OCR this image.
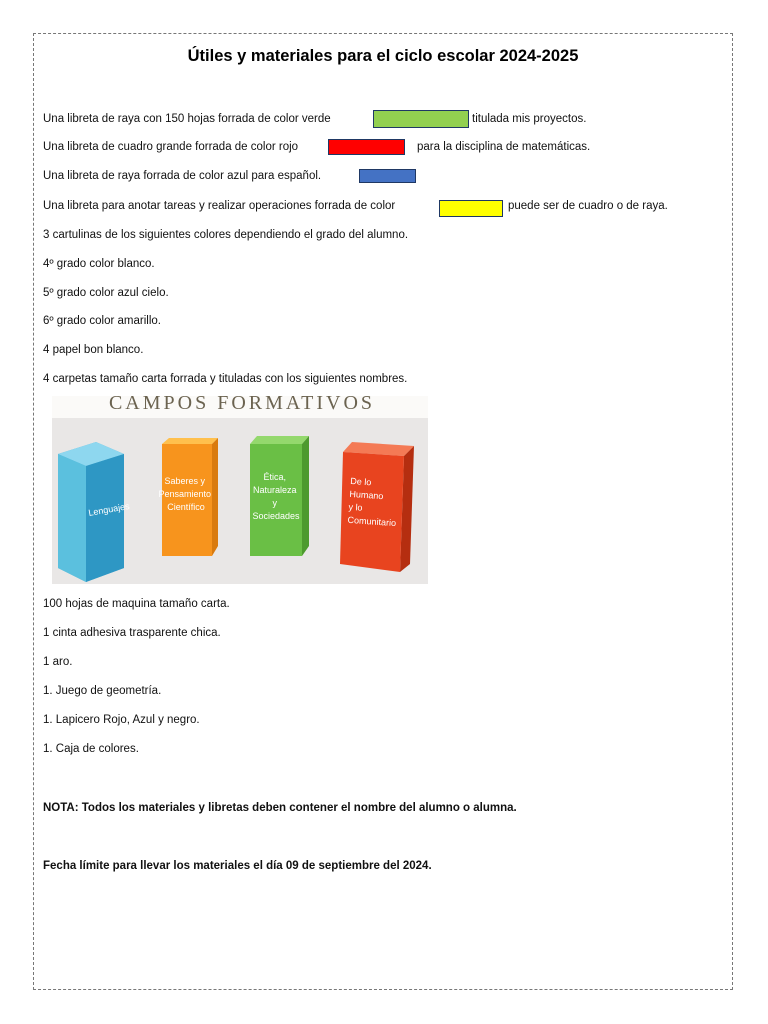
Útiles y materiales para el ciclo escolar 2024-2025
Una libreta de raya con 150 hojas forrada de color verde	titulada mis proyectos.
Una libreta de cuadro grande forrada de color rojo	para la disciplina de matemáticas.
Una libreta de raya forrada de color azul para español.
Una libreta para anotar tareas y realizar operaciones forrada de color	puede ser de cuadro o de raya.
3 cartulinas de los siguientes colores dependiendo el grado del alumno.
4º grado color blanco.
5º grado color azul cielo.
6º grado color amarillo.
4 papel bon blanco.
4 carpetas tamaño carta forrada y tituladas con los siguientes nombres.
CAMPOS FORMATIVOS
Lenguajes
Saberes y Pensamiento Científico
Ética, Naturaleza y Sociedades
De lo Humano y lo Comunitario
100 hojas de maquina tamaño carta.
1 cinta adhesiva trasparente chica.
1 aro.
1. Juego de geometría.
1. Lapicero Rojo, Azul y negro.
1. Caja de colores.
NOTA: Todos los materiales y libretas deben contener el nombre del alumno o alumna.
Fecha límite para llevar los materiales el día 09 de septiembre del 2024.
